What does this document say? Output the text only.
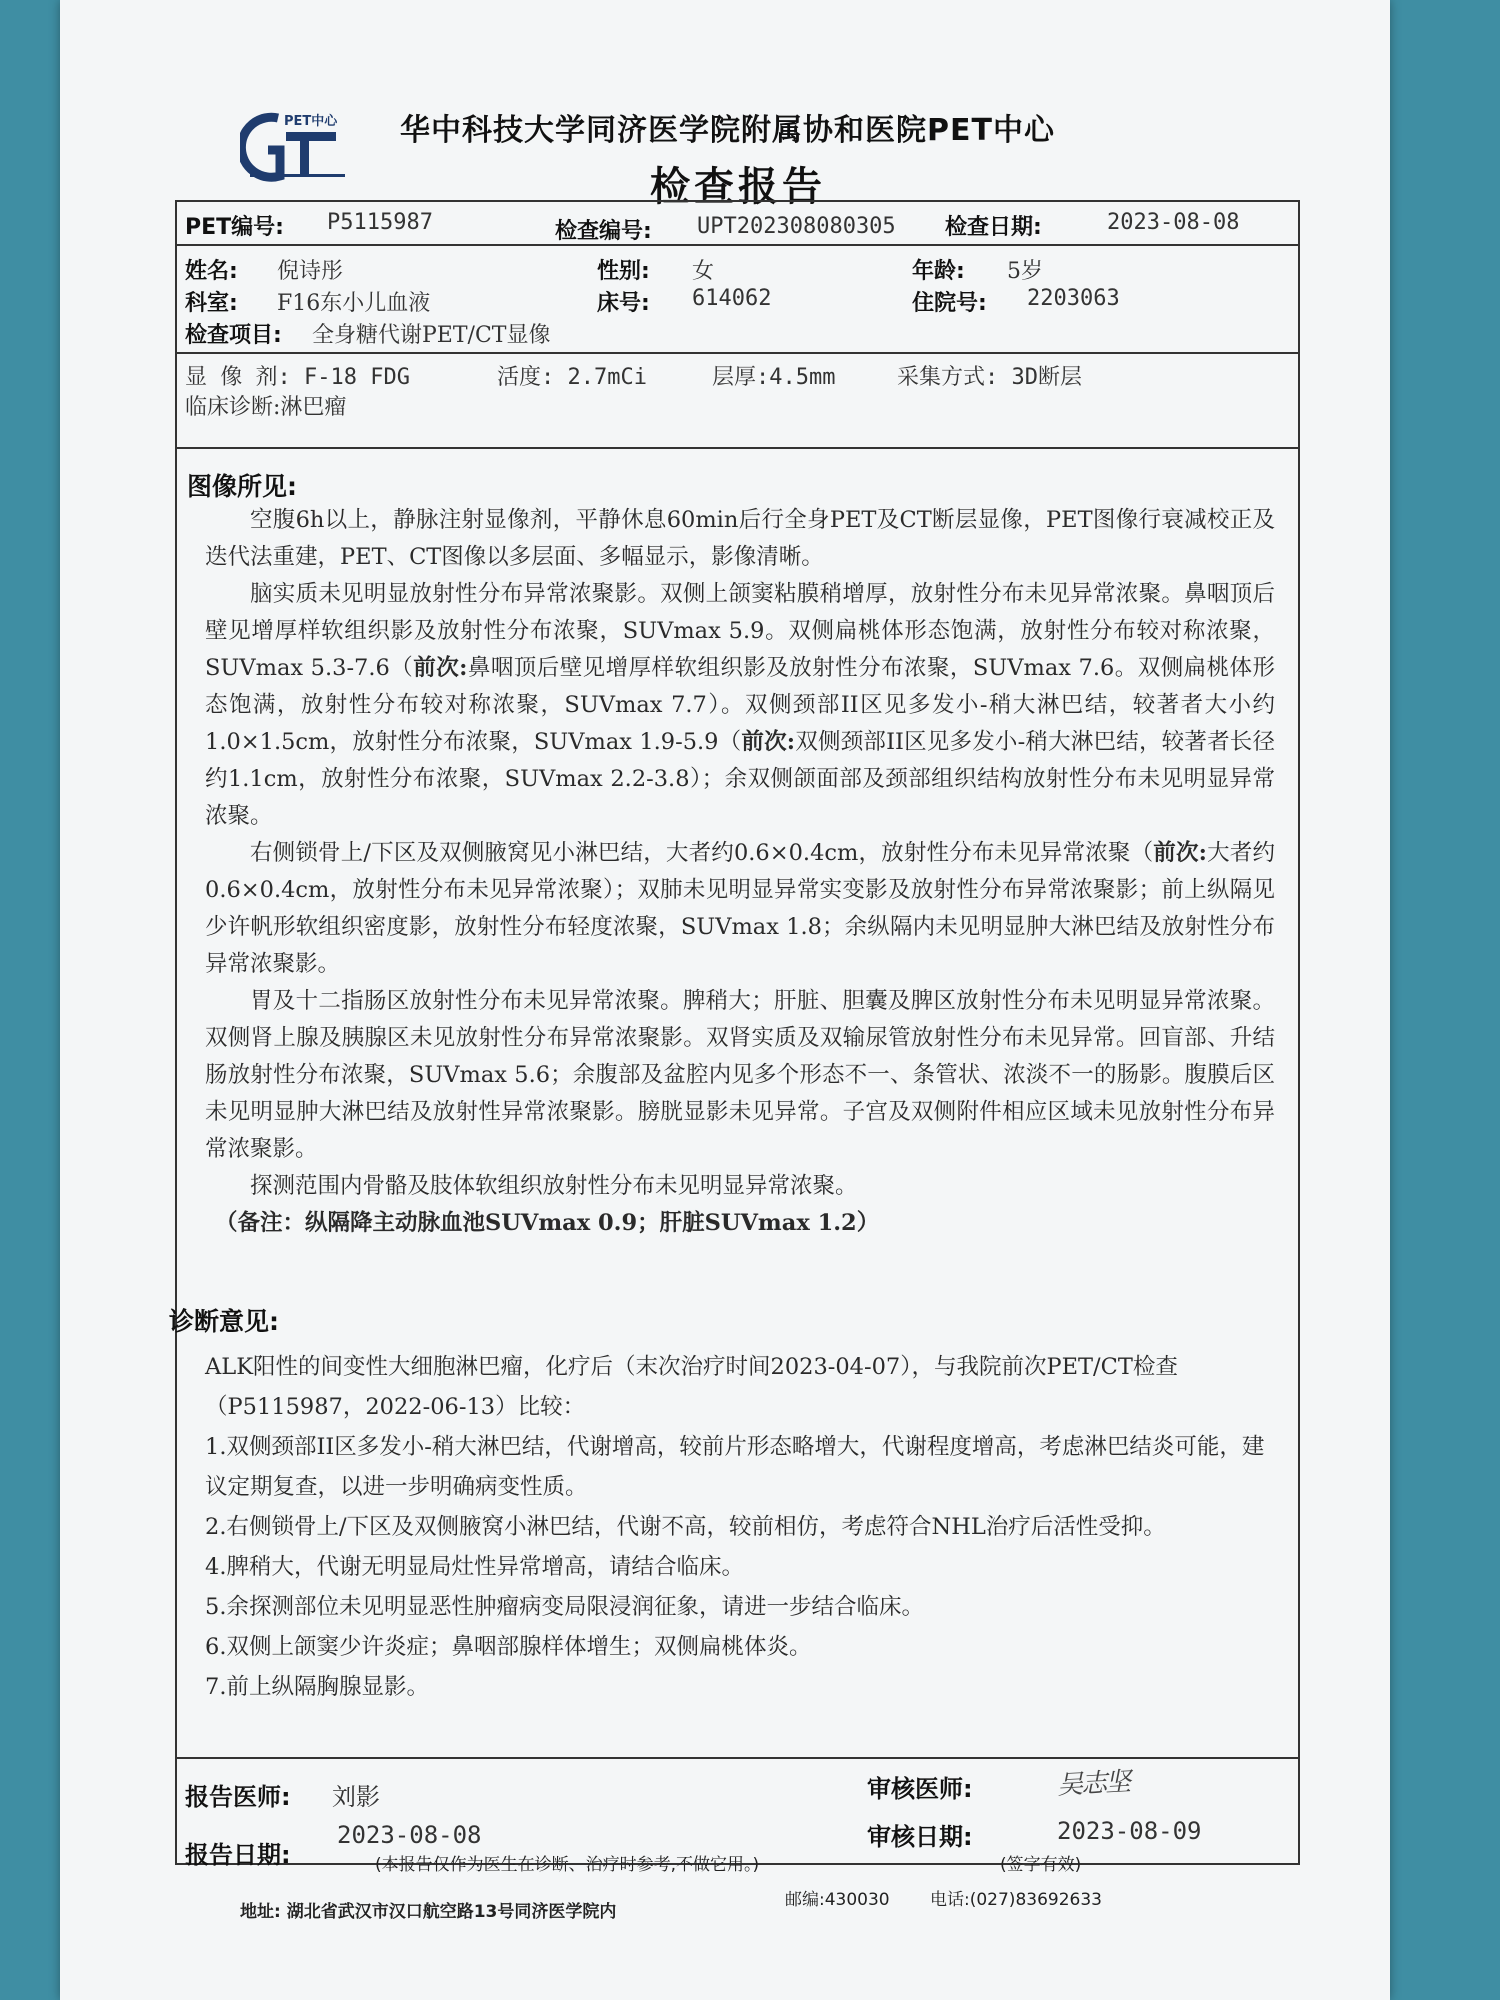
PET中心 华中科技大学同济医学院附属协和医院PET中心
检查报告
PET编号: P5115987	检查编号: UPT202308080305 检查日期:	2023-08-08
姓名: 倪诗彤	性别: 女	年龄: 5岁
科室: F16东小儿血液	床号: 614062	住院号: 2203063
检查项目: 全身糖代谢PET/CT显像
显 像 剂: F-18 FDG	活度: 2.7mCi	层厚:4.5mm	采集方式: 3D断层
临床诊断:淋巴瘤
图像所见:

空腹6h以上，静脉注射显像剂，平静休息60min后行全身PET及CT断层显像，PET图像行衰减校正及迭代法重建，PET、CT图像以多层面、多幅显示，影像清晰。

脑实质未见明显放射性分布异常浓聚影。双侧上颌窦粘膜稍增厚，放射性分布未见异常浓聚。鼻咽顶后壁见增厚样软组织影及放射性分布浓聚，SUVmax 5.9。双侧扁桃体形态饱满，放射性分布较对称浓聚，SUVmax 5.3-7.6（前次:鼻咽顶后壁见增厚样软组织影及放射性分布浓聚，SUVmax 7.6。双侧扁桃体形态饱满，放射性分布较对称浓聚，SUVmax 7.7）。双侧颈部II区见多发小-稍大淋巴结，较著者大小约1.0×1.5cm，放射性分布浓聚，SUVmax 1.9-5.9（前次:双侧颈部II区见多发小-稍大淋巴结，较著者长径约1.1cm，放射性分布浓聚，SUVmax 2.2-3.8）；余双侧颌面部及颈部组织结构放射性分布未见明显异常浓聚。

右侧锁骨上/下区及双侧腋窝见小淋巴结，大者约0.6×0.4cm，放射性分布未见异常浓聚（前次:大者约0.6×0.4cm，放射性分布未见异常浓聚）；双肺未见明显异常实变影及放射性分布异常浓聚影；前上纵隔见少许帆形软组织密度影，放射性分布轻度浓聚，SUVmax 1.8；余纵隔内未见明显肿大淋巴结及放射性分布异常浓聚影。

胃及十二指肠区放射性分布未见异常浓聚。脾稍大；肝脏、胆囊及脾区放射性分布未见明显异常浓聚。双侧肾上腺及胰腺区未见放射性分布异常浓聚影。双肾实质及双输尿管放射性分布未见异常。回盲部、升结肠放射性分布浓聚，SUVmax 5.6；余腹部及盆腔内见多个形态不一、条管状、浓淡不一的肠影。腹膜后区未见明显肿大淋巴结及放射性异常浓聚影。膀胱显影未见异常。子宫及双侧附件相应区域未见放射性分布异常浓聚影。

探测范围内骨骼及肢体软组织放射性分布未见明显异常浓聚。

（备注：纵隔降主动脉血池SUVmax 0.9；肝脏SUVmax 1.2）

诊断意见:

ALK阳性的间变性大细胞淋巴瘤，化疗后（末次治疗时间2023-04-07），与我院前次PET/CT检查（P5115987，2022-06-13）比较：

1.双侧颈部II区多发小-稍大淋巴结，代谢增高，较前片形态略增大，代谢程度增高，考虑淋巴结炎可能，建议定期复查，以进一步明确病变性质。

2.右侧锁骨上/下区及双侧腋窝小淋巴结，代谢不高，较前相仿，考虑符合NHL治疗后活性受抑。

4.脾稍大，代谢无明显局灶性异常增高，请结合临床。

5.余探测部位未见明显恶性肿瘤病变局限浸润征象，请进一步结合临床。

6.双侧上颌窦少许炎症；鼻咽部腺样体增生；双侧扁桃体炎。

7.前上纵隔胸腺显影。

报告医师: 刘影	审核医师:	吴志坚
报告日期:
2023-08-08	审核日期:	2023-08-09
(本报告仅作为医生在诊断、治疗时参考,不做它用。)	(签字有效)
地址: 湖北省武汉市汉口航空路13号同济医学院内
邮编:430030 电话:(027)83692633
